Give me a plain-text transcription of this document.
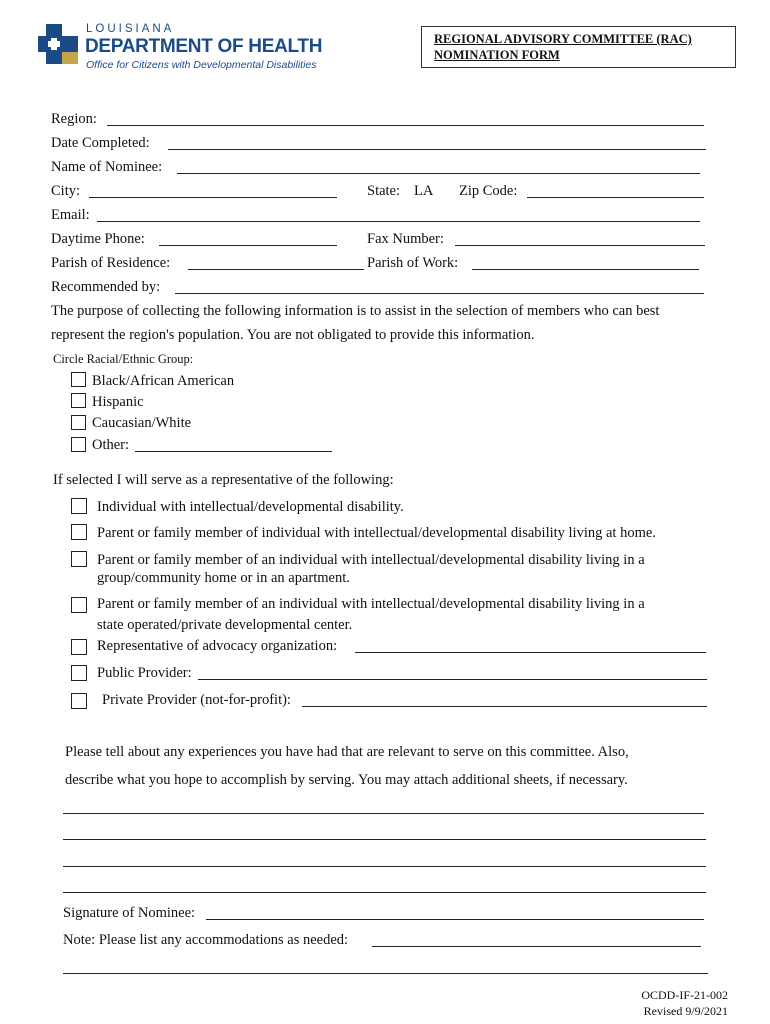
LOUISIANA
DEPARTMENT OF HEALTH
Office for Citizens with Developmental Disabilities
REGIONAL ADVISORY COMMITTEE (RAC)
NOMINATION FORM
Region:
Date Completed:
Name of Nominee:
City:	State: LA Zip Code:
Email:
Daytime Phone:	Fax Number:
Parish of Residence:	Parish of Work:
Recommended by:
The purpose of collecting the following information is to assist in the selection of members who can best
represent the region's population. You are not obligated to provide this information.
Circle Racial/Ethnic Group:
Black/African American
Hispanic
Caucasian/White
Other:
If selected I will serve as a representative of the following:
Individual with intellectual/developmental disability.
Parent or family member of individual with intellectual/developmental disability living at home.
Parent or family member of an individual with intellectual/developmental disability living in a
group/community home or in an apartment.
Parent or family member of an individual with intellectual/developmental disability living in a
state operated/private developmental center.
Representative of advocacy organization:
Public Provider:
Private Provider (not-for-profit):
Please tell about any experiences you have had that are relevant to serve on this committee. Also,
describe what you hope to accomplish by serving. You may attach additional sheets, if necessary.
Signature of Nominee:
Note: Please list any accommodations as needed:
OCDD-IF-21-002
Revised 9/9/2021
